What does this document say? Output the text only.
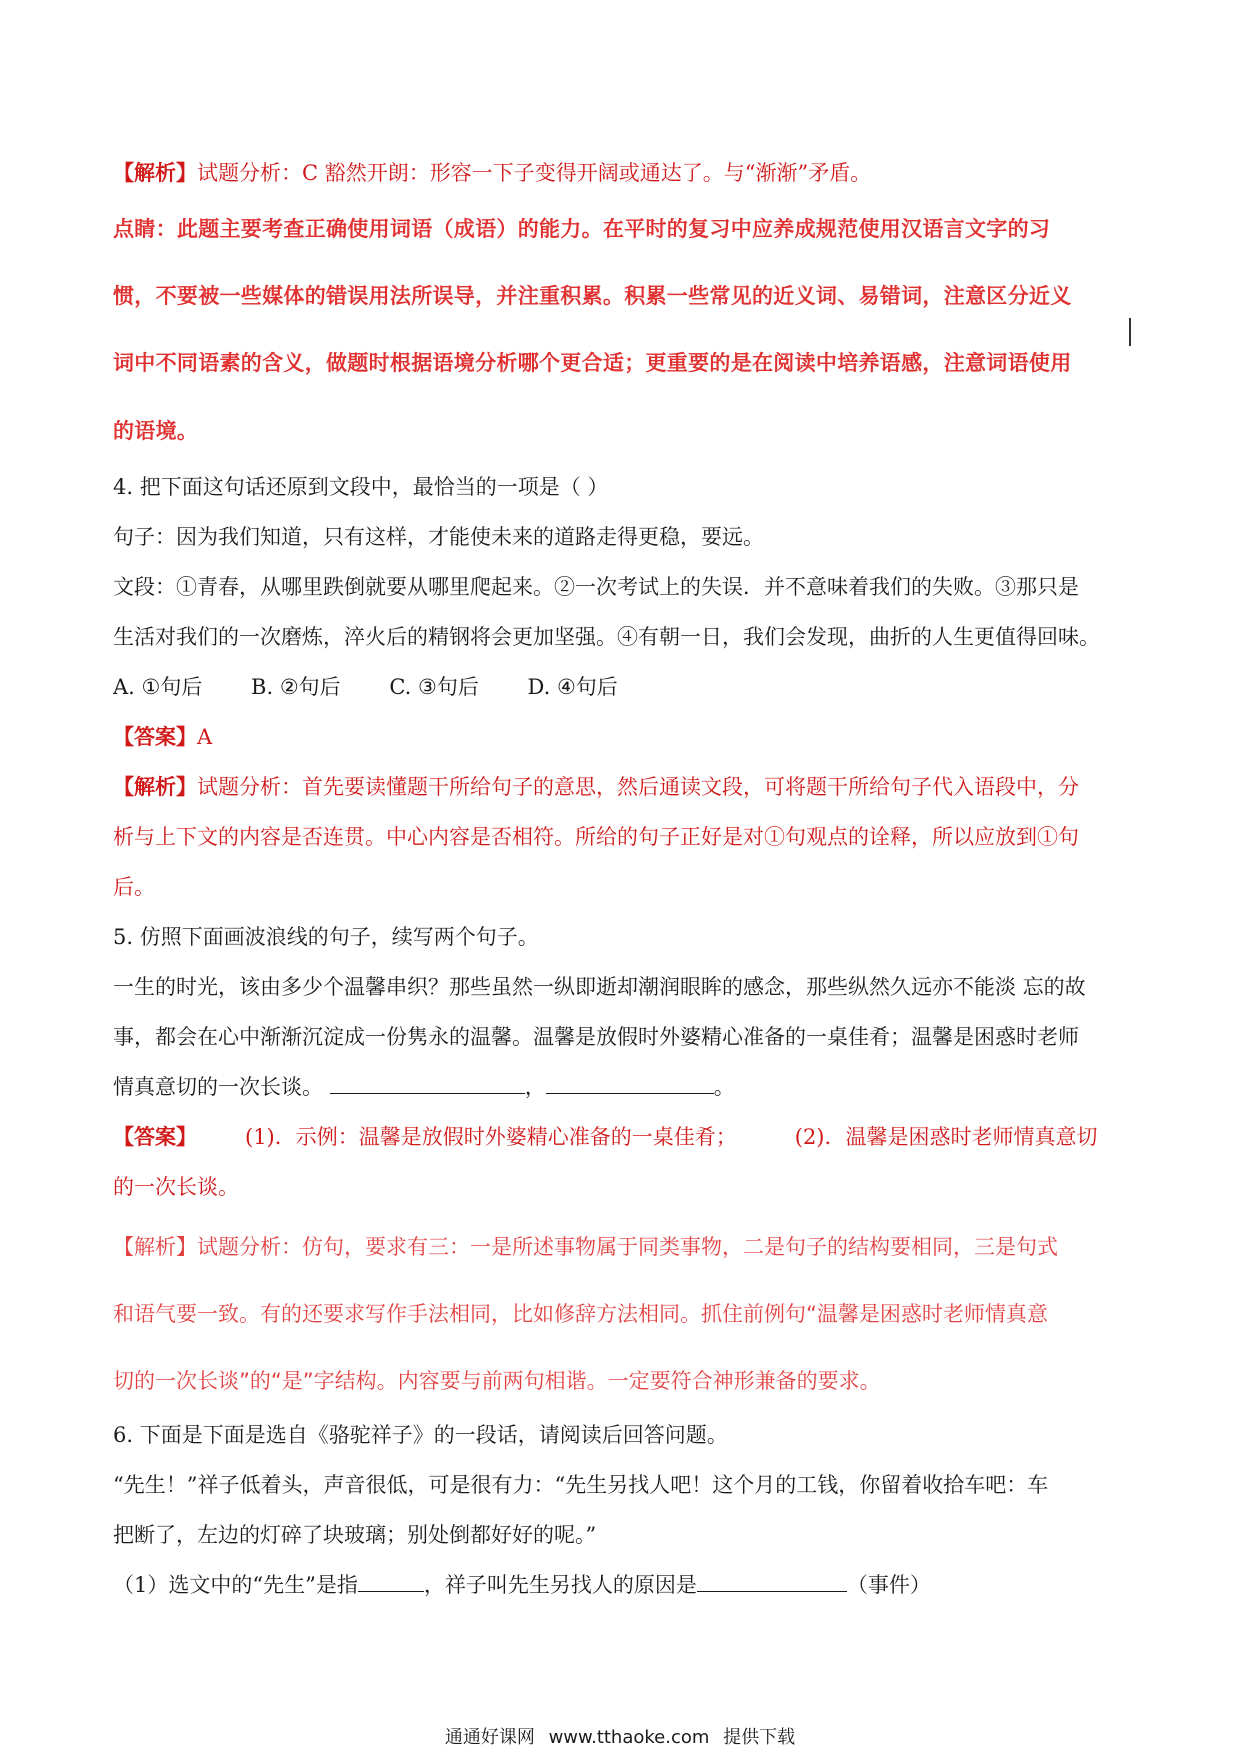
【解析】试题分析：C 豁然开朗：形容一下子变得开阔或通达了。与“渐渐”矛盾。
点睛：此题主要考查正确使用词语（成语）的能力。在平时的复习中应养成规范使用汉语言文字的习
惯，不要被一些媒体的错误用法所误导，并注重积累。积累一些常见的近义词、易错词，注意区分近义
词中不同语素的含义，做题时根据语境分析哪个更合适；更重要的是在阅读中培养语感，注意词语使用
的语境。
4. 把下面这句话还原到文段中，最恰当的一项是（ ）
句子：因为我们知道，只有这样，才能使未来的道路走得更稳，要远。
文段：①青春，从哪里跌倒就要从哪里爬起来。②一次考试上的失误．并不意味着我们的失败。③那只是
生活对我们的一次磨炼，淬火后的精钢将会更加坚强。④有朝一日，我们会发现，曲折的人生更值得回味。
A. ①句后 B. ②句后 C. ③句后 D. ④句后
【答案】A
【解析】试题分析：首先要读懂题干所给句子的意思，然后通读文段，可将题干所给句子代入语段中，分
析与上下文的内容是否连贯。中心内容是否相符。所给的句子正好是对①句观点的诠释，所以应放到①句
后。
5. 仿照下面画波浪线的句子，续写两个句子。
一生的时光，该由多少个温馨串织？那些虽然一纵即逝却潮润眼眸的感念，那些纵然久远亦不能淡 忘的故
事，都会在心中渐渐沉淀成一份隽永的温馨。温馨是放假时外婆精心准备的一桌佳肴；温馨是困惑时老师
情真意切的一次长谈。	，	。
【答案】 (1)．示例：温馨是放假时外婆精心准备的一桌佳肴；	(2)．温馨是困惑时老师情真意切
的一次长谈。
【解析】试题分析：仿句，要求有三：一是所述事物属于同类事物，二是句子的结构要相同，三是句式
和语气要一致。有的还要求写作手法相同，比如修辞方法相同。抓住前例句“温馨是困惑时老师情真意
切的一次长谈”的“是”字结构。内容要与前两句相谐。一定要符合神形兼备的要求。
6. 下面是下面是选自《骆驼祥子》的一段话，请阅读后回答问题。
“先生！”祥子低着头，声音很低，可是很有力：“先生另找人吧！这个月的工钱，你留着收拾车吧：车
把断了，左边的灯碎了块玻璃；别处倒都好好的呢。”
（1）选文中的“先生”是指	，祥子叫先生另找人的原因是	（事件）
通通好课网 www.tthaoke.com 提供下载
